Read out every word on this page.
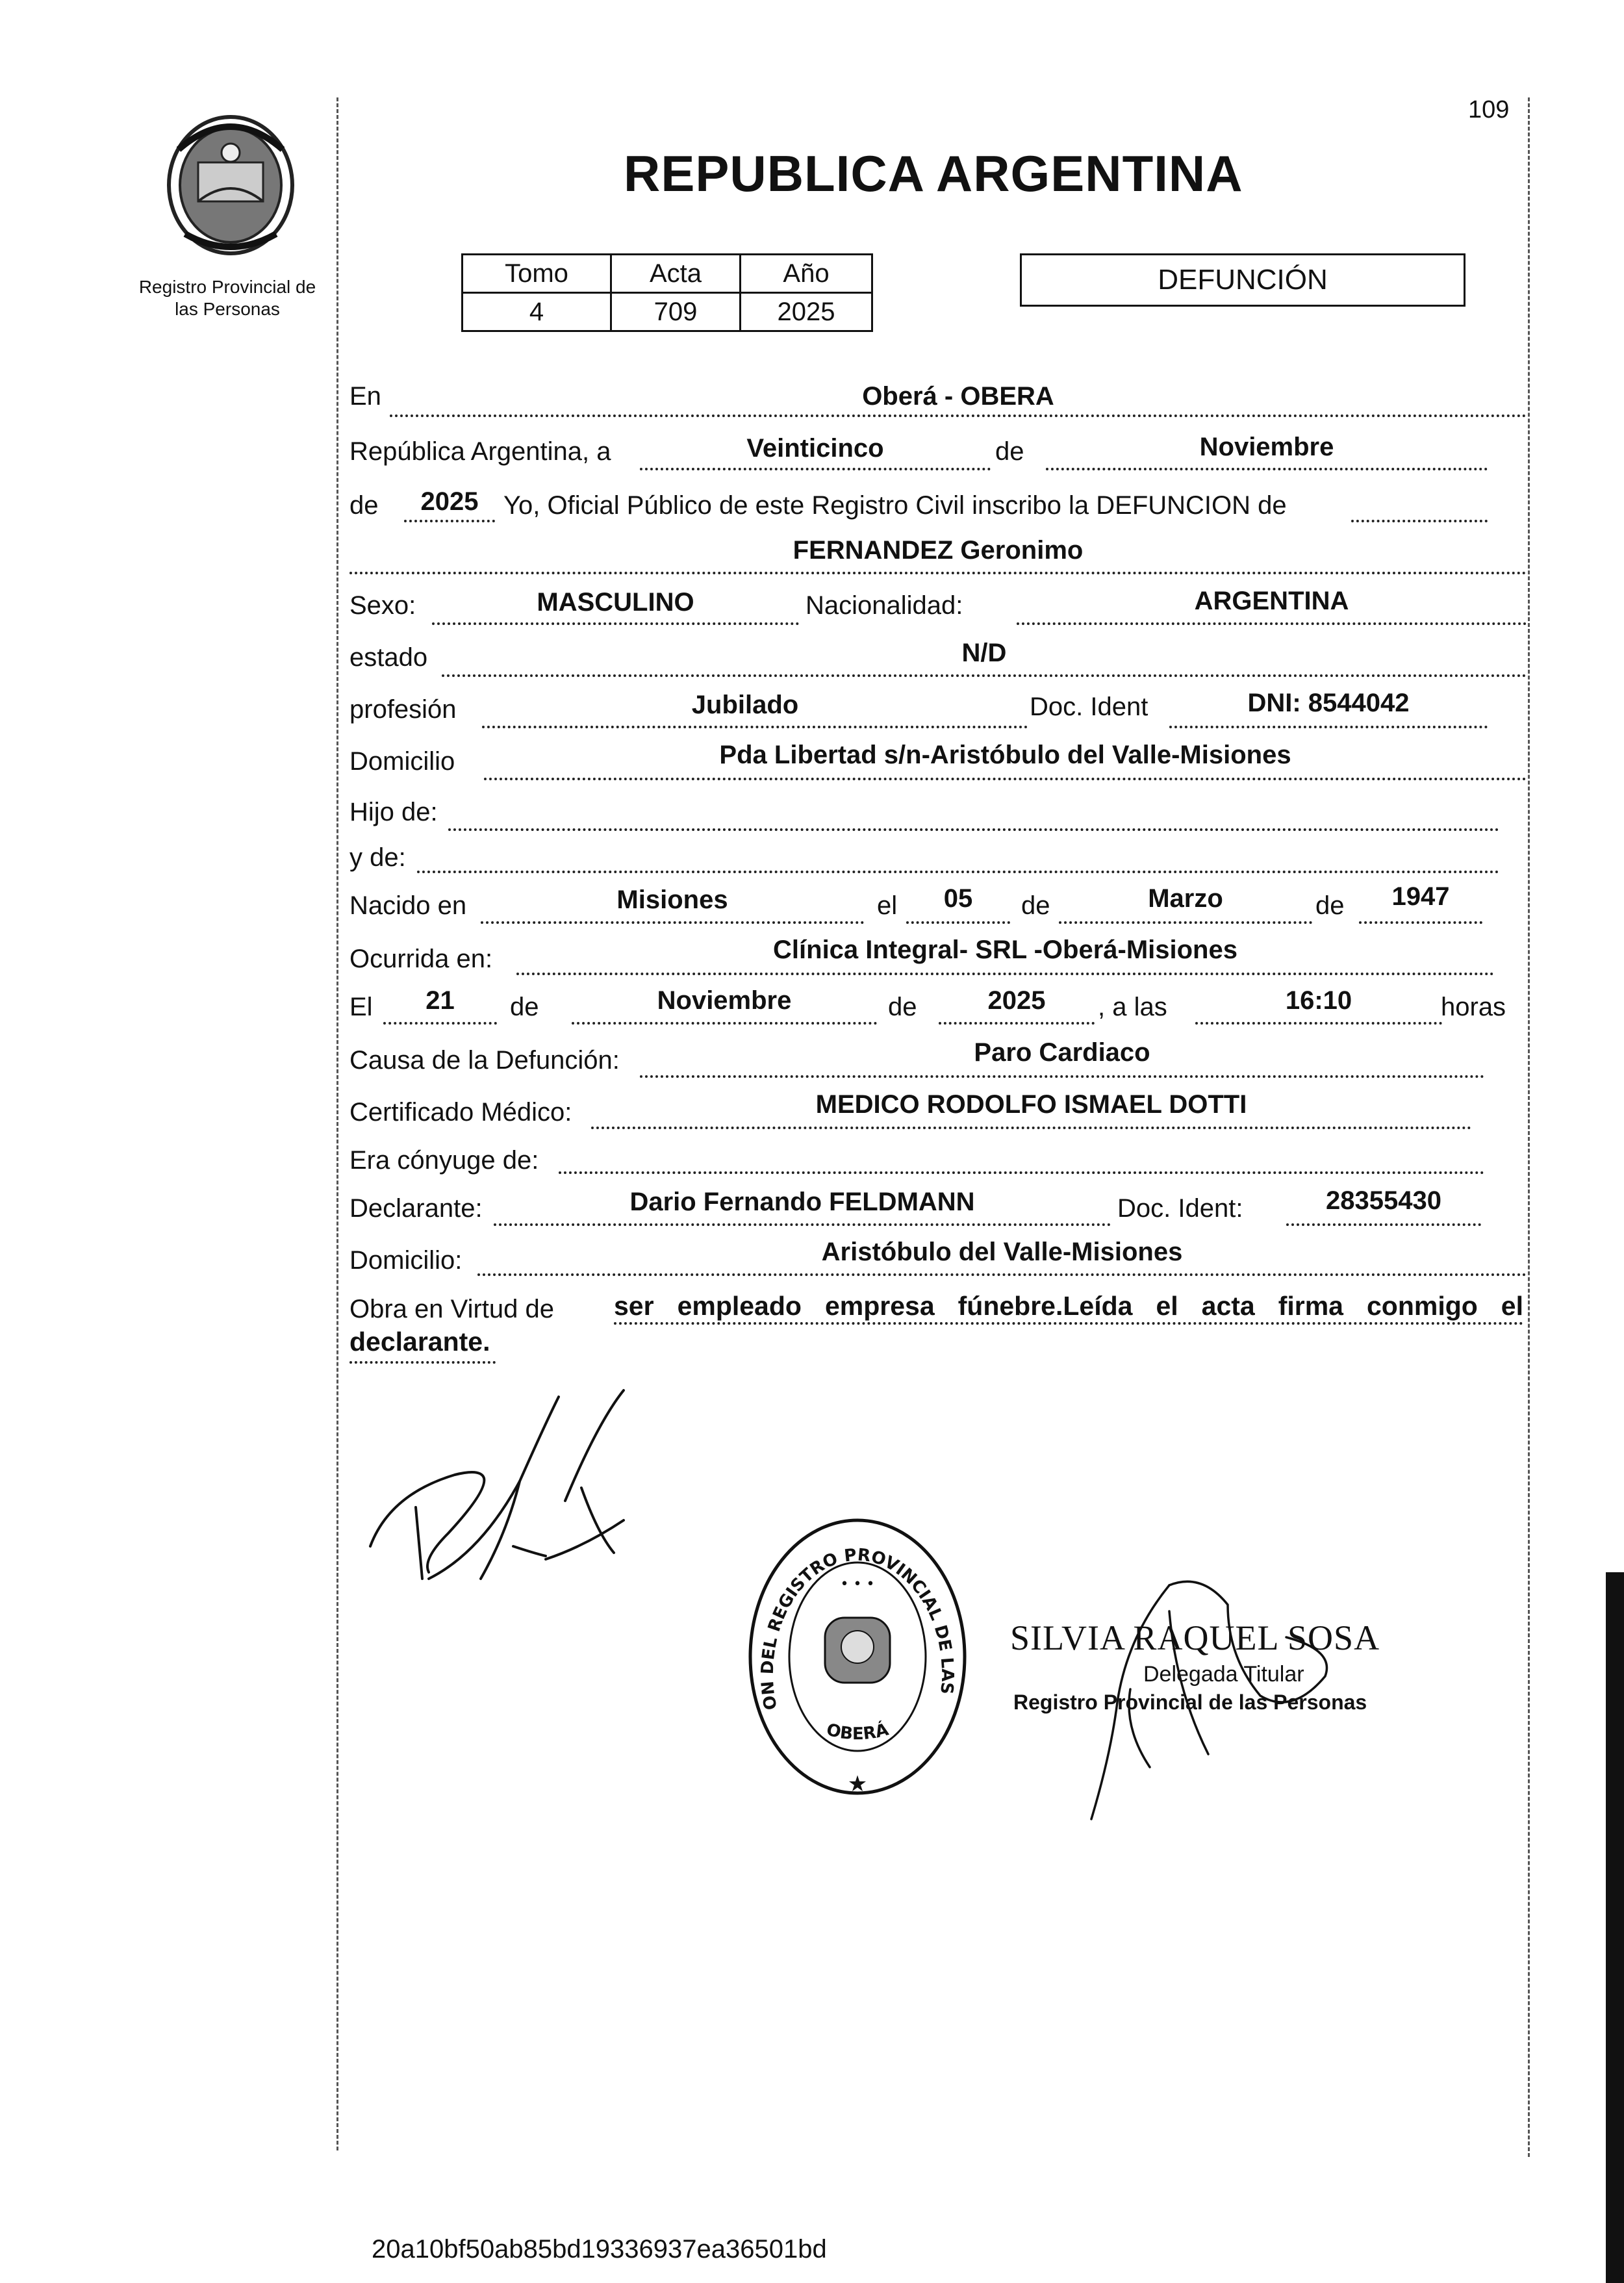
109
Registro Provincial de las Personas
REPUBLICA ARGENTINA
Tomo	Acta	Año
4	709	2025
DEFUNCIÓN
En	Oberá - OBERA
República Argentina, a	Veinticinco	de	Noviembre
de	2025 Yo, Oficial Público de este Registro Civil inscribo la DEFUNCION de
FERNANDEZ Geronimo
Sexo:	MASCULINO	Nacionalidad:	ARGENTINA
estado	N/D
profesión	Jubilado	Doc. Ident	DNI: 8544042
Domicilio	Pda Libertad s/n-Aristóbulo del Valle-Misiones
Hijo de:
y de:
Nacido en	Misiones	el	05	de	Marzo	de	1947
Ocurrida en:	Clínica Integral- SRL -Oberá-Misiones
El	21	de	Noviembre	de	2025	, a las	16:10	horas
Causa de la Defunción:	Paro Cardiaco
Certificado Médico:	MEDICO RODOLFO ISMAEL DOTTI
Era cónyuge de:
Declarante:	Dario Fernando FELDMANN	Doc. Ident:	28355430
Domicilio:	Aristóbulo del Valle-Misiones
Obra en Virtud de ser empleado empresa fúnebre.Leída el acta firma conmigo el
declarante.
ON DEL REGISTRO PROVINCIAL DE LAS
OBERÁ
• • •
★
SILVIA RAQUEL SOSA
Delegada Titular
Registro Provincial de las Personas
20a10bf50ab85bd19336937ea36501bd
